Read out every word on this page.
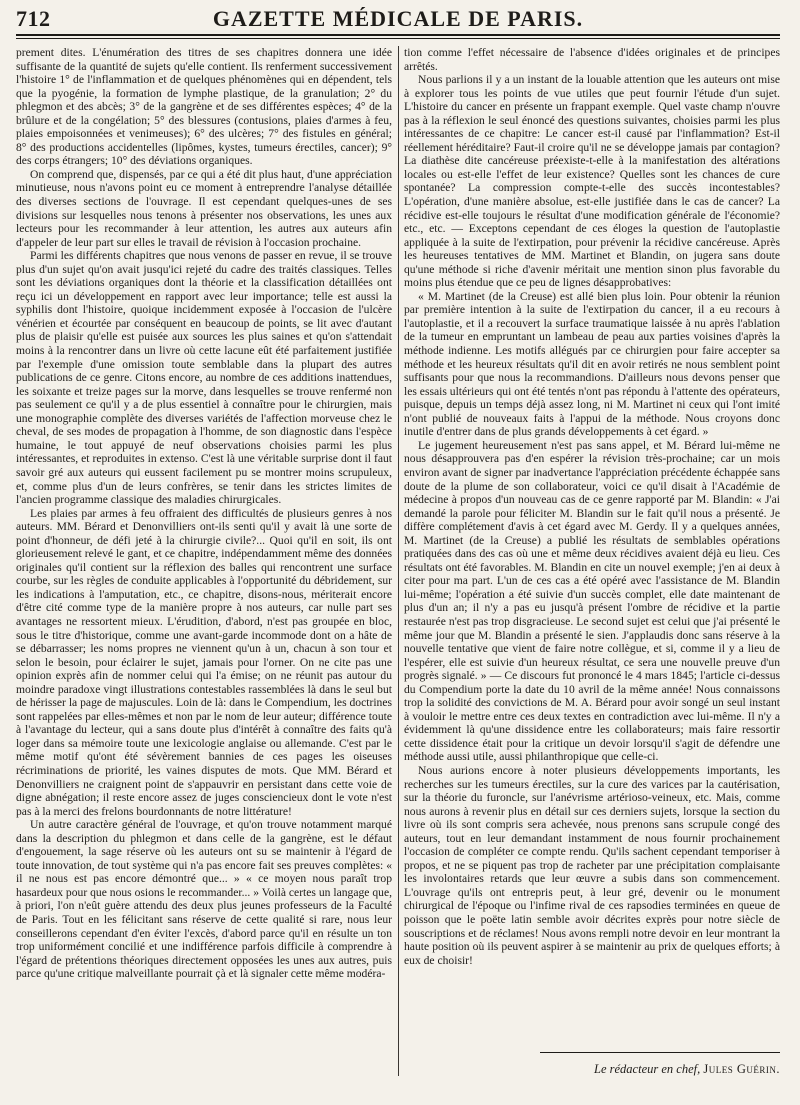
712	GAZETTE MÉDICALE DE PARIS.

prement dites. L'énumération des titres de ses chapitres donnera une idée suffisante de la quantité de sujets qu'elle contient. Ils renferment successivement l'histoire 1° de l'inflammation et de quelques phénomènes qui en dépendent, tels que la pyogénie, la formation de lymphe plastique, de la granulation; 2° du phlegmon et des abcès; 3° de la gangrène et de ses différentes espèces; 4° de la brûlure et de la congélation; 5° des blessures (contusions, plaies d'armes à feu, plaies empoisonnées et venimeuses); 6° des ulcères; 7° des fistules en général; 8° des productions accidentelles (lipômes, kystes, tumeurs érectiles, cancer); 9° des corps étrangers; 10° des déviations organiques.

On comprend que, dispensés, par ce qui a été dit plus haut, d'une appréciation minutieuse, nous n'avons point eu ce moment à entreprendre l'analyse détaillée des diverses sections de l'ouvrage. Il est cependant quelques-unes de ses divisions sur lesquelles nous tenons à présenter nos observations, les unes aux lecteurs pour les recommander à leur attention, les autres aux auteurs afin d'appeler de leur part sur elles le travail de révision à l'occasion prochaine.

Parmi les différents chapitres que nous venons de passer en revue, il se trouve plus d'un sujet qu'on avait jusqu'ici rejeté du cadre des traités classiques. Telles sont les déviations organiques dont la théorie et la classification détaillées ont reçu ici un développement en rapport avec leur importance; telle est aussi la syphilis dont l'histoire, quoique incidemment exposée à l'occasion de l'ulcère vénérien et écourtée par conséquent en beaucoup de points, se lit avec d'autant plus de plaisir qu'elle est puisée aux sources les plus saines et qu'on s'attendait moins à la rencontrer dans un livre où cette lacune eût été parfaitement justifiée par l'exemple d'une omission toute semblable dans la plupart des autres publications de ce genre. Citons encore, au nombre de ces additions inattendues, les soixante et treize pages sur la morve, dans lesquelles se trouve renfermé non pas seulement ce qu'il y a de plus essentiel à connaître pour le chirurgien, mais une monographie complète des diverses variétés de l'affection morveuse chez le cheval, de ses modes de propagation à l'homme, de son diagnostic dans l'espèce humaine, le tout appuyé de neuf observations choisies parmi les plus intéressantes, et reproduites in extenso. C'est là une véritable surprise dont il faut savoir gré aux auteurs qui eussent facilement pu se montrer moins scrupuleux, et, comme plus d'un de leurs confrères, se tenir dans les strictes limites de l'ancien programme classique des maladies chirurgicales.

Les plaies par armes à feu offraient des difficultés de plusieurs genres à nos auteurs. MM. Bérard et Denonvilliers ont-ils senti qu'il y avait là une sorte de point d'honneur, de défi jeté à la chirurgie civile?... Quoi qu'il en soit, ils ont glorieusement relevé le gant, et ce chapitre, indépendamment même des données originales qu'il contient sur la réflexion des balles qui rencontrent une surface courbe, sur les règles de conduite applicables à l'opportunité du débridement, sur les indications à l'amputation, etc., ce chapitre, disons-nous, mériterait encore d'être cité comme type de la manière propre à nos auteurs, car nulle part ses avantages ne ressortent mieux. L'érudition, d'abord, n'est pas groupée en bloc, sous le titre d'historique, comme une avant-garde incommode dont on a hâte de se débarrasser; les noms propres ne viennent qu'un à un, chacun à son tour et selon le besoin, pour éclairer le sujet, jamais pour l'orner. On ne cite pas une opinion exprès afin de nommer celui qui l'a émise; on ne réunit pas autour du moindre paradoxe vingt illustrations contestables rassemblées là dans le seul but de hérisser la page de majuscules. Loin de là: dans le Compendium, les doctrines sont rappelées par elles-mêmes et non par le nom de leur auteur; différence toute à l'avantage du lecteur, qui a sans doute plus d'intérêt à connaître des faits qu'à loger dans sa mémoire toute une lexicologie anglaise ou allemande. C'est par le même motif qu'ont été sévèrement bannies de ces pages les oiseuses récriminations de priorité, les vaines disputes de mots. Que MM. Bérard et Denonvilliers ne craignent point de s'appauvrir en persistant dans cette voie de digne abnégation; il reste encore assez de juges consciencieux dont le vote n'est pas à la merci des frelons bourdonnants de notre littérature!

Un autre caractère général de l'ouvrage, et qu'on trouve notamment marqué dans la description du phlegmon et dans celle de la gangrène, est le défaut d'engouement, la sage réserve où les auteurs ont su se maintenir à l'égard de toute innovation, de tout système qui n'a pas encore fait ses preuves complètes: « il ne nous est pas encore démontré que... » « ce moyen nous paraît trop hasardeux pour que nous osions le recommander... » Voilà certes un langage que, à priori, l'on n'eût guère attendu des deux plus jeunes professeurs de la Faculté de Paris. Tout en les félicitant sans réserve de cette qualité si rare, nous leur conseillerons cependant d'en éviter l'excès, d'abord parce qu'il en résulte un ton trop uniformément concilié et une indifférence parfois difficile à comprendre à l'égard de prétentions théoriques directement opposées les unes aux autres, puis parce qu'une critique malveillante pourrait çà et là signaler cette même modéra-

tion comme l'effet nécessaire de l'absence d'idées originales et de principes arrêtés.

Nous parlions il y a un instant de la louable attention que les auteurs ont mise à explorer tous les points de vue utiles que peut fournir l'étude d'un sujet. L'histoire du cancer en présente un frappant exemple. Quel vaste champ n'ouvre pas à la réflexion le seul énoncé des questions suivantes, choisies parmi les plus intéressantes de ce chapitre: Le cancer est-il causé par l'inflammation? Est-il réellement héréditaire? Faut-il croire qu'il ne se développe jamais par contagion? La diathèse dite cancéreuse préexiste-t-elle à la manifestation des altérations locales ou est-elle l'effet de leur existence? Quelles sont les chances de cure spontanée? La compression compte-t-elle des succès incontestables? L'opération, d'une manière absolue, est-elle justifiée dans le cas de cancer? La récidive est-elle toujours le résultat d'une modification générale de l'économie? etc., etc. — Exceptons cependant de ces éloges la question de l'autoplastie appliquée à la suite de l'extirpation, pour prévenir la récidive cancéreuse. Après les heureuses tentatives de MM. Martinet et Blandin, on jugera sans doute qu'une méthode si riche d'avenir méritait une mention sinon plus favorable du moins plus étendue que ce peu de lignes désapprobatives:

« M. Martinet (de la Creuse) est allé bien plus loin. Pour obtenir la réunion par première intention à la suite de l'extirpation du cancer, il a eu recours à l'autoplastie, et il a recouvert la surface traumatique laissée à nu après l'ablation de la tumeur en empruntant un lambeau de peau aux parties voisines d'après la méthode indienne. Les motifs allégués par ce chirurgien pour faire accepter sa méthode et les heureux résultats qu'il dit en avoir retirés ne nous semblent point suffisants pour que nous la recommandions. D'ailleurs nous devons penser que les essais ultérieurs qui ont été tentés n'ont pas répondu à l'attente des opérateurs, puisque, depuis un temps déjà assez long, ni M. Martinet ni ceux qui l'ont imité n'ont publié de nouveaux faits à l'appui de la méthode. Nous croyons donc inutile d'entrer dans de plus grands développements à cet égard. »

Le jugement heureusement n'est pas sans appel, et M. Bérard lui-même ne nous désapprouvera pas d'en espérer la révision très-prochaine; car un mois environ avant de signer par inadvertance l'appréciation précédente échappée sans doute de la plume de son collaborateur, voici ce qu'il disait à l'Académie de médecine à propos d'un nouveau cas de ce genre rapporté par M. Blandin: « J'ai demandé la parole pour féliciter M. Blandin sur le fait qu'il nous a présenté. Je diffère complétement d'avis à cet égard avec M. Gerdy. Il y a quelques années, M. Martinet (de la Creuse) a publié les résultats de semblables opérations pratiquées dans des cas où une et même deux récidives avaient déjà eu lieu. Ces résultats ont été favorables. M. Blandin en cite un nouvel exemple; j'en ai deux à citer pour ma part. L'un de ces cas a été opéré avec l'assistance de M. Blandin lui-même; l'opération a été suivie d'un succès complet, elle date maintenant de plus d'un an; il n'y a pas eu jusqu'à présent l'ombre de récidive et la partie restaurée n'est pas trop disgracieuse. Le second sujet est celui que j'ai présenté le même jour que M. Blandin a présenté le sien. J'applaudis donc sans réserve à la nouvelle tentative que vient de faire notre collègue, et si, comme il y a lieu de l'espérer, elle est suivie d'un heureux résultat, ce sera une nouvelle preuve d'un progrès signalé. » — Ce discours fut prononcé le 4 mars 1845; l'article ci-dessus du Compendium porte la date du 10 avril de la même année! Nous connaissons trop la solidité des convictions de M. A. Bérard pour avoir songé un seul instant à vouloir le mettre entre ces deux textes en contradiction avec lui-même. Il n'y a évidemment là qu'une dissidence entre les collaborateurs; mais faire ressortir cette dissidence était pour la critique un devoir lorsqu'il s'agit de défendre une méthode aussi utile, aussi philanthropique que celle-ci.

Nous aurions encore à noter plusieurs développements importants, les recherches sur les tumeurs érectiles, sur la cure des varices par la cautérisation, sur la théorie du furoncle, sur l'anévrisme artérioso-veineux, etc. Mais, comme nous aurons à revenir plus en détail sur ces derniers sujets, lorsque la section du livre où ils sont compris sera achevée, nous prenons sans scrupule congé des auteurs, tout en leur demandant instamment de nous fournir prochainement l'occasion de compléter ce compte rendu. Qu'ils sachent cependant temporiser à propos, et ne se piquent pas trop de racheter par une précipitation complaisante les involontaires retards que leur œuvre a subis dans son commencement. L'ouvrage qu'ils ont entrepris peut, à leur gré, devenir ou le monument chirurgical de l'époque ou l'infime rival de ces rapsodies terminées en queue de poisson que le poëte latin semble avoir décrites exprès pour notre siècle de souscriptions et de réclames! Nous avons rempli notre devoir en leur montrant la haute position où ils peuvent aspirer à se maintenir au prix de quelques efforts; à eux de choisir!

Le rédacteur en chef, Jules Guérin.
